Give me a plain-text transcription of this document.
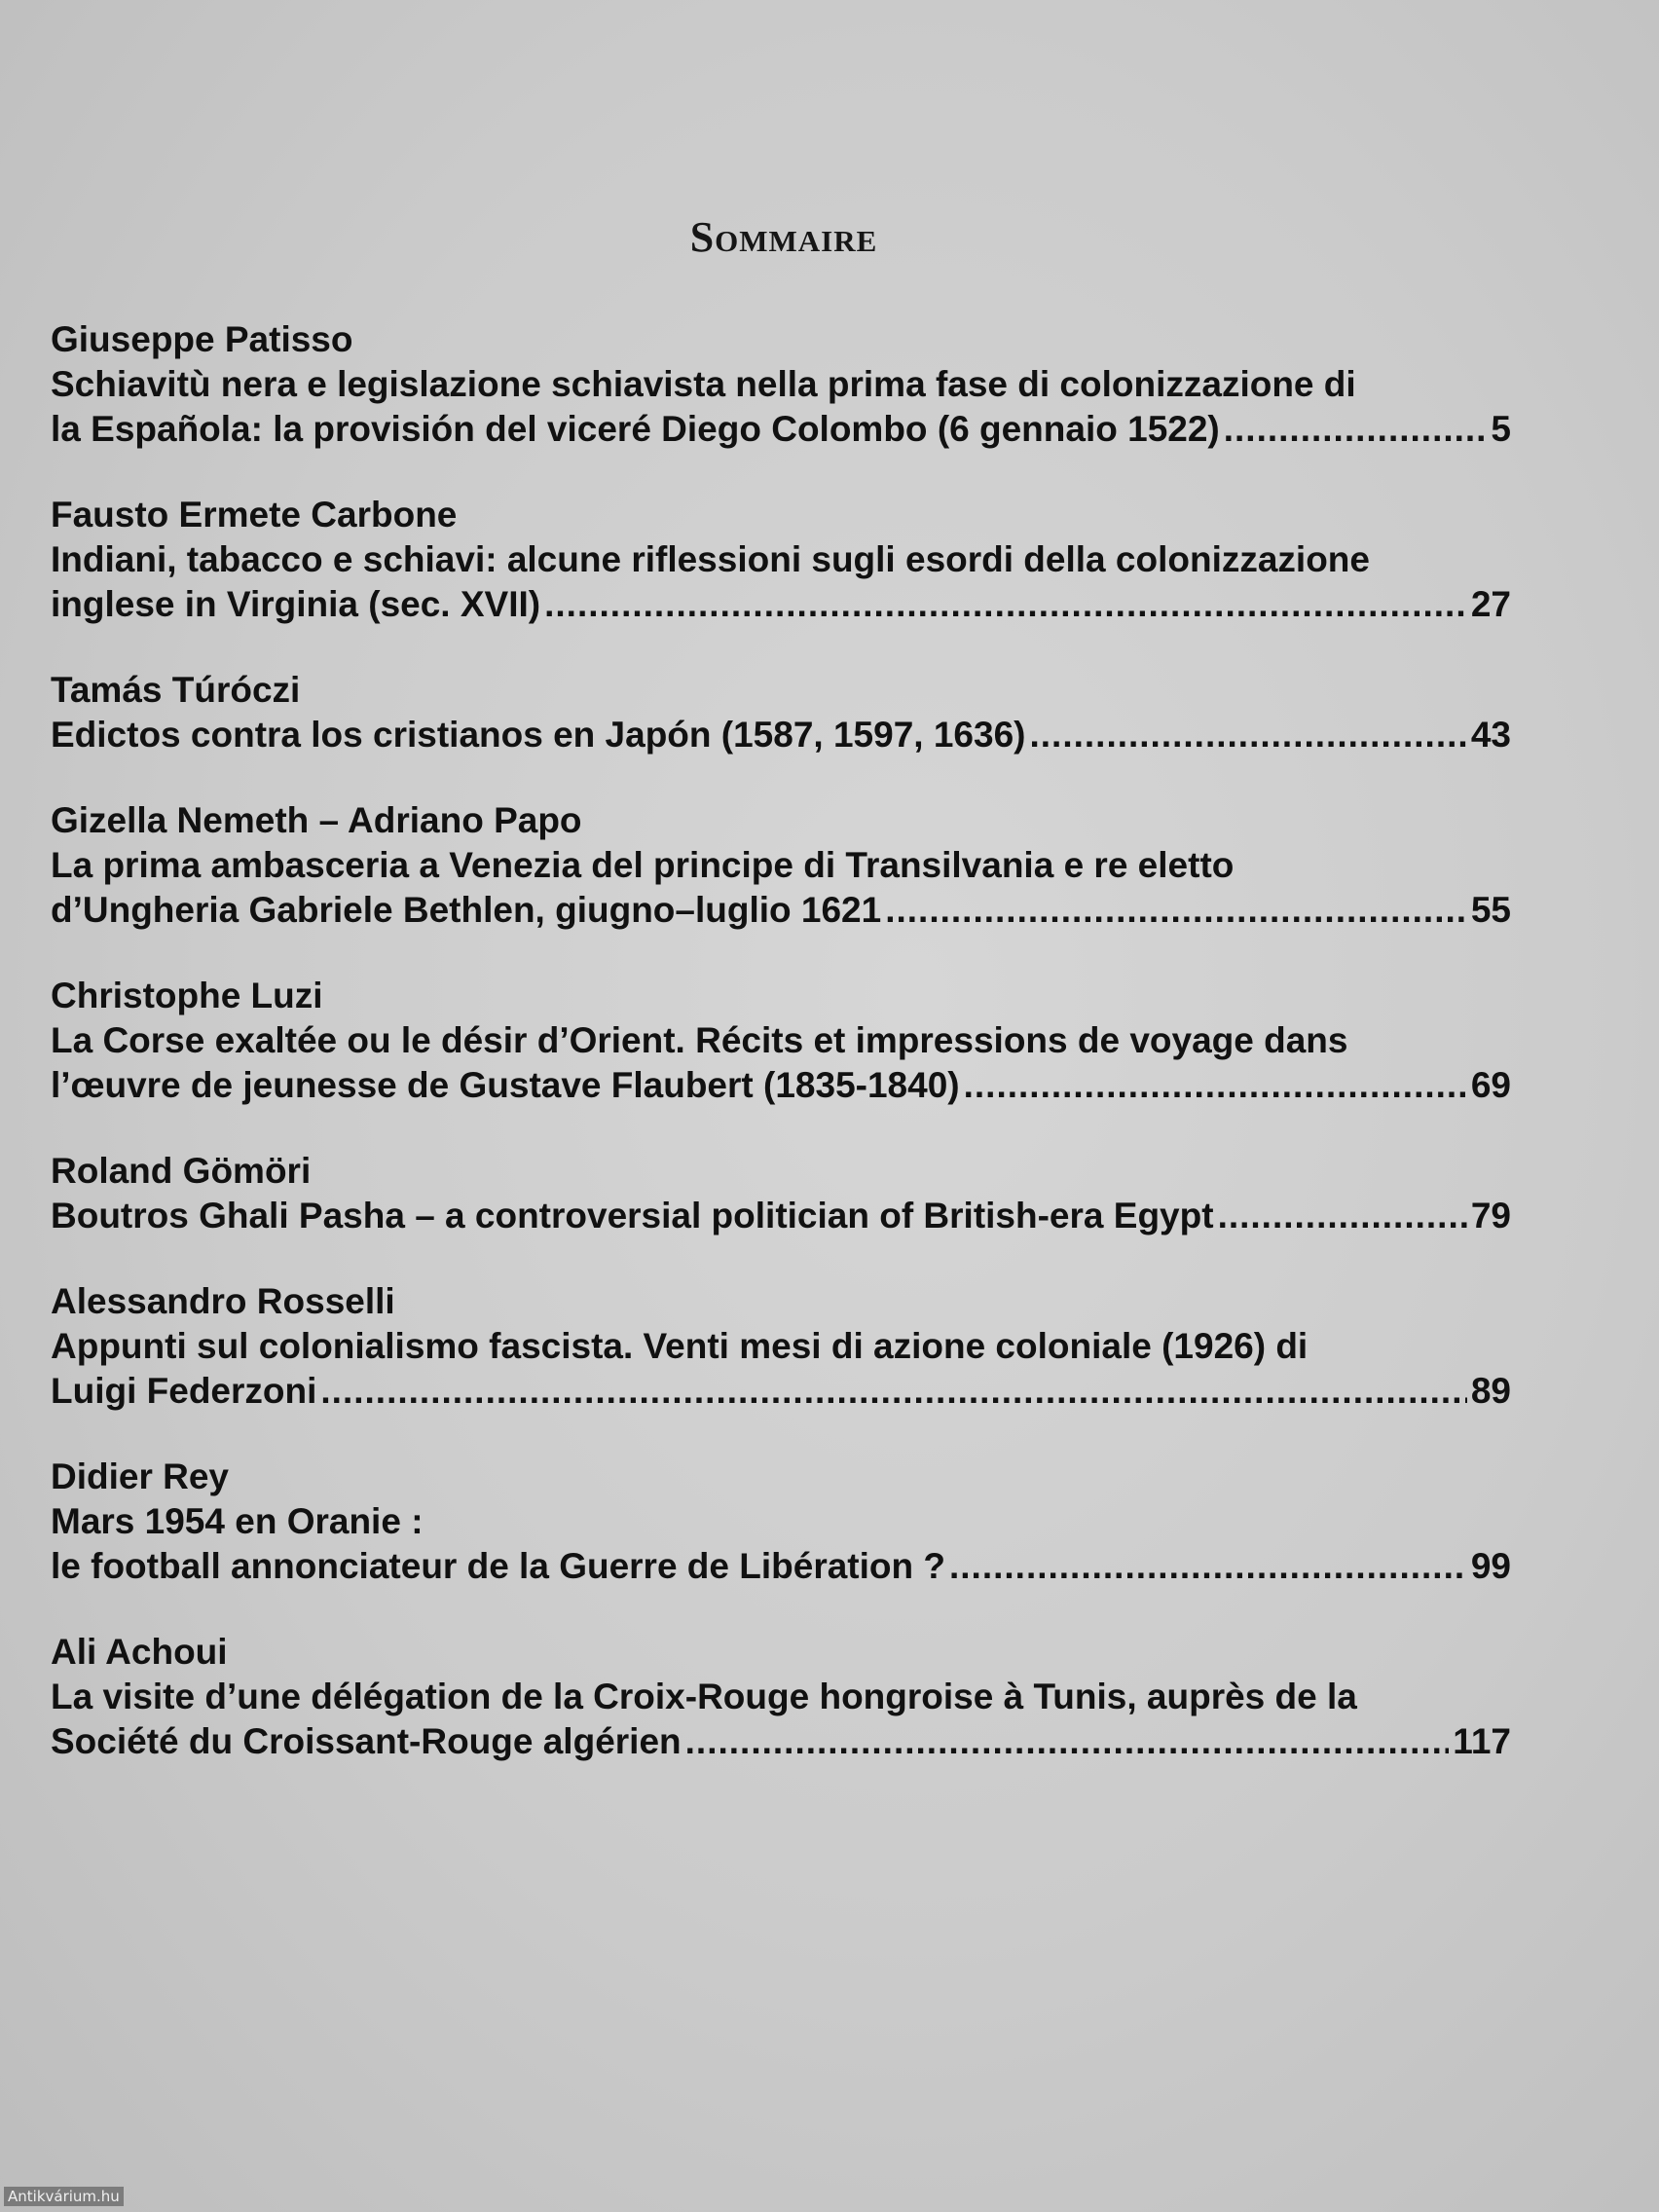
Sommaire
Giuseppe Patisso
Schiavitù nera e legislazione schiavista nella prima fase di colonizzazione di
la Española: la provisión del viceré Diego Colombo (6 gennaio 1522) .....	5
Fausto Ermete Carbone
Indiani, tabacco e schiavi: alcune riflessioni sugli esordi della colonizzazione
inglese in Virginia (sec. XVII) .....	27
Tamás Túróczi
Edictos contra los cristianos en Japón (1587, 1597, 1636) .....	43
Gizella Nemeth – Adriano Papo
La prima ambasceria a Venezia del principe di Transilvania e re eletto
d’Ungheria Gabriele Bethlen, giugno–luglio 1621 .....	55
Christophe Luzi
La Corse exaltée ou le désir d’Orient. Récits et impressions de voyage dans
l’œuvre de jeunesse de Gustave Flaubert (1835-1840) .....	69
Roland Gömöri
Boutros Ghali Pasha – a controversial politician of British-era Egypt .....	79
Alessandro Rosselli
Appunti sul colonialismo fascista. Venti mesi di azione coloniale (1926) di
Luigi Federzoni .....	89
Didier Rey
Mars 1954 en Oranie :
le football annonciateur de la Guerre de Libération ? .....	99
Ali Achoui
La visite d’une délégation de la Croix-Rouge hongroise à Tunis, auprès de la
Société du Croissant-Rouge algérien .....	117
Antikvárium.hu
